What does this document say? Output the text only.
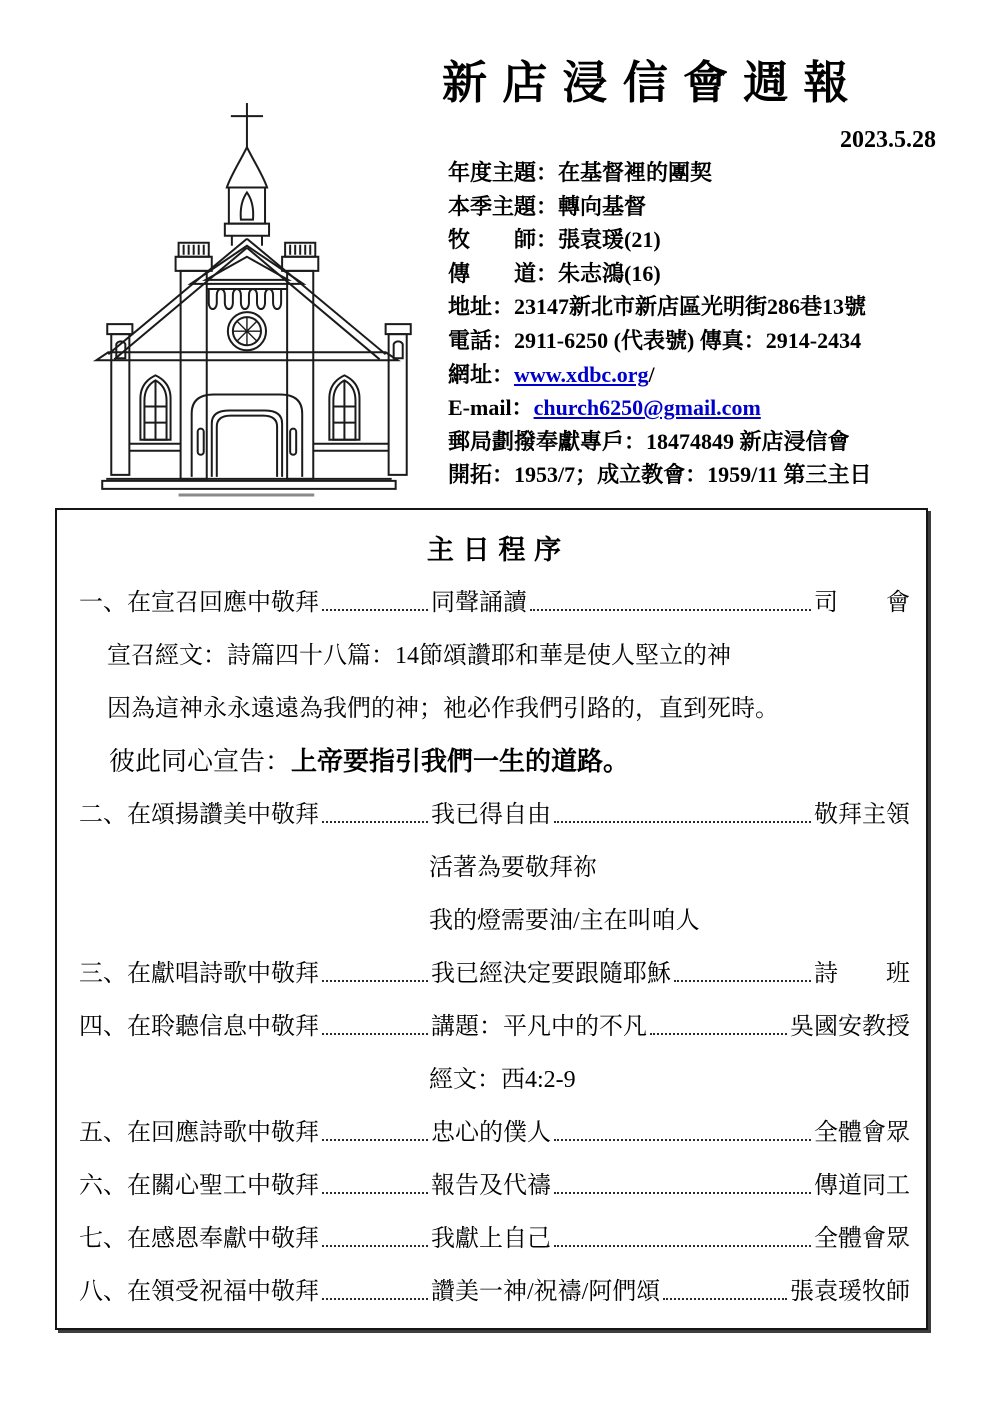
新 店 浸 信 會 週 報
2023.5.28
年度主題：在基督裡的團契
本季主題：轉向基督
牧　　師：張袁瑗(21)
傳　　道：朱志鴻(16)
地址：23147新北市新店區光明街286巷13號
電話：2911-6250 (代表號) 傳真：2914-2434
網址：www.xdbc.org/
E-mail：church6250@gmail.com
郵局劃撥奉獻專戶：18474849 新店浸信會
開拓：1953/7；成立教會：1959/11 第三主日
主 日 程 序
一、 在宣召回應中敬拜	同聲誦讀	司　　會
宣召經文：詩篇四十八篇：14節頌讚耶和華是使人堅立的神
因為這神永永遠遠為我們的神；祂必作我們引路的，直到死時。
彼此同心宣告：上帝要指引我們一生的道路。
二、 在頌揚讚美中敬拜	我已得自由	敬拜主領
活著為要敬拜祢
我的燈需要油/主在叫咱人
三、 在獻唱詩歌中敬拜	我已經決定要跟隨耶穌	詩　　班
四、 在聆聽信息中敬拜	講題：平凡中的不凡	吳國安教授
經文：西4:2-9
五、 在回應詩歌中敬拜	忠心的僕人	全體會眾
六、 在關心聖工中敬拜	報告及代禱	傳道同工
七、 在感恩奉獻中敬拜	我獻上自己	全體會眾
八、 在領受祝福中敬拜	讚美一神/祝禱/阿們頌	張袁瑗牧師
